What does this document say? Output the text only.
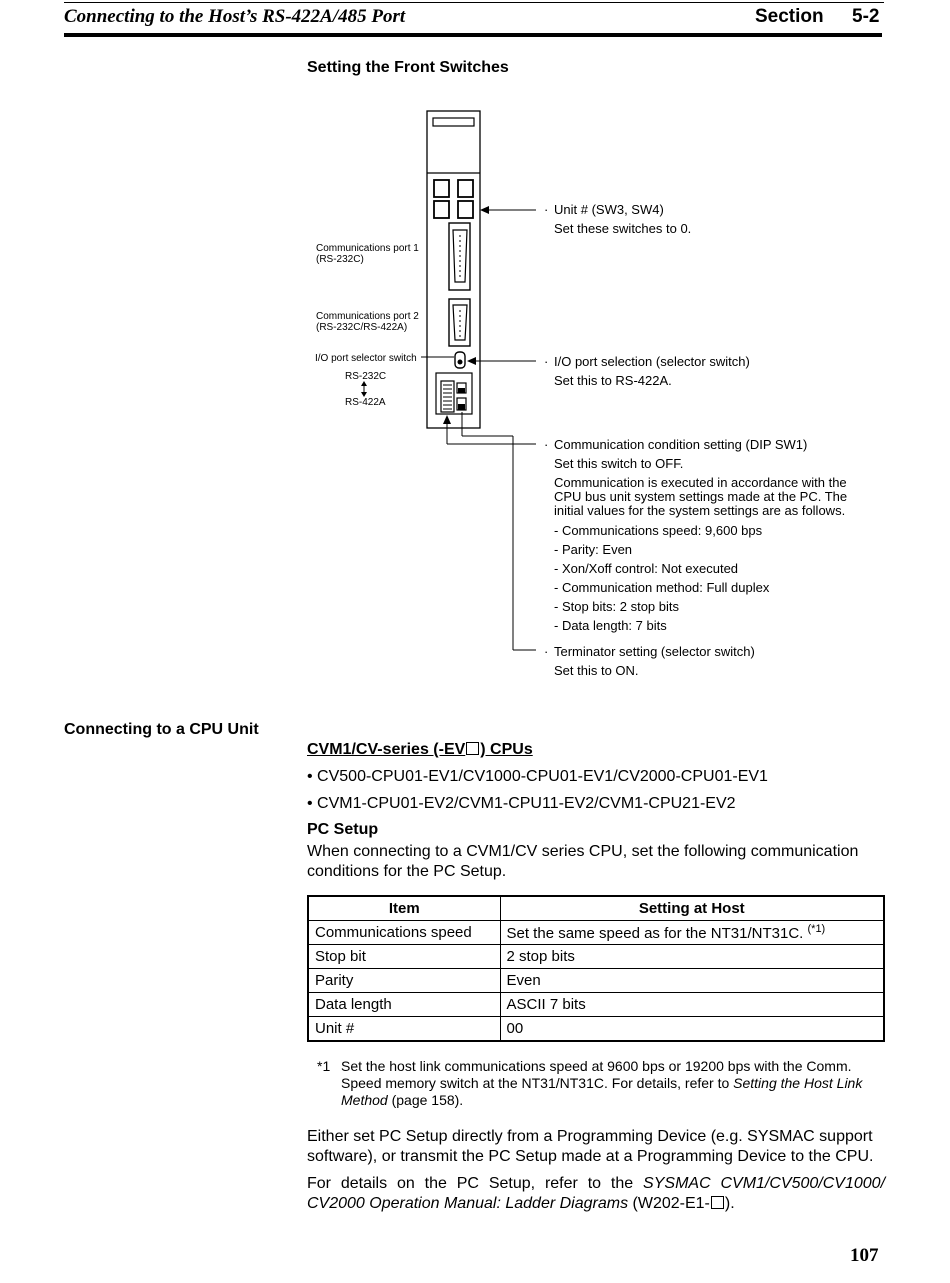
Connecting to the Host’s RS-422A/485 Port	Section 5-2
Setting the Front Switches
Communications port 1
(RS-232C)
Communications port 2
(RS-232C/RS-422A)
I/O port selector switch
RS-232C
RS-422A
· Unit # (SW3, SW4)
Set these switches to 0.
· I/O port selection (selector switch)
Set this to RS-422A.
· Communication condition setting (DIP SW1)
Set this switch to OFF.
Communication is executed in accordance with the
CPU bus unit system settings made at the PC. The
initial values for the system settings are as follows.
- Communications speed: 9,600 bps
- Parity: Even
- Xon/Xoff control: Not executed
- Communication method: Full duplex
- Stop bits: 2 stop bits
- Data length: 7 bits
· Terminator setting (selector switch)
Set this to ON.
Connecting to a CPU Unit
CVM1/CV-series (-EV ) CPUs
• CV500-CPU01-EV1/CV1000-CPU01-EV1/CV2000-CPU01-EV1
• CVM1-CPU01-EV2/CVM1-CPU11-EV2/CVM1-CPU21-EV2
PC Setup
When connecting to a CVM1/CV series CPU, set the following communication conditions for the PC Setup.
Item	Setting at Host
Communications speed	Set the same speed as for the NT31/NT31C. $^{(*1)}$
Stop bit	2 stop bits
Parity	Even
Data length	ASCII 7 bits
Unit #	00
*1 Set the host link communications speed at 9600 bps or 19200 bps with the Comm. Speed memory switch at the NT31/NT31C. For details, refer to Setting the Host Link Method (page 158).
Either set PC Setup directly from a Programming Device (e.g. SYSMAC support software), or transmit the PC Setup made at a Programming Device to the CPU.
For details on the PC Setup, refer to the SYSMAC CVM1/CV500/CV1000/ CV2000 Operation Manual: Ladder Diagrams (W202-E1- ).
107
